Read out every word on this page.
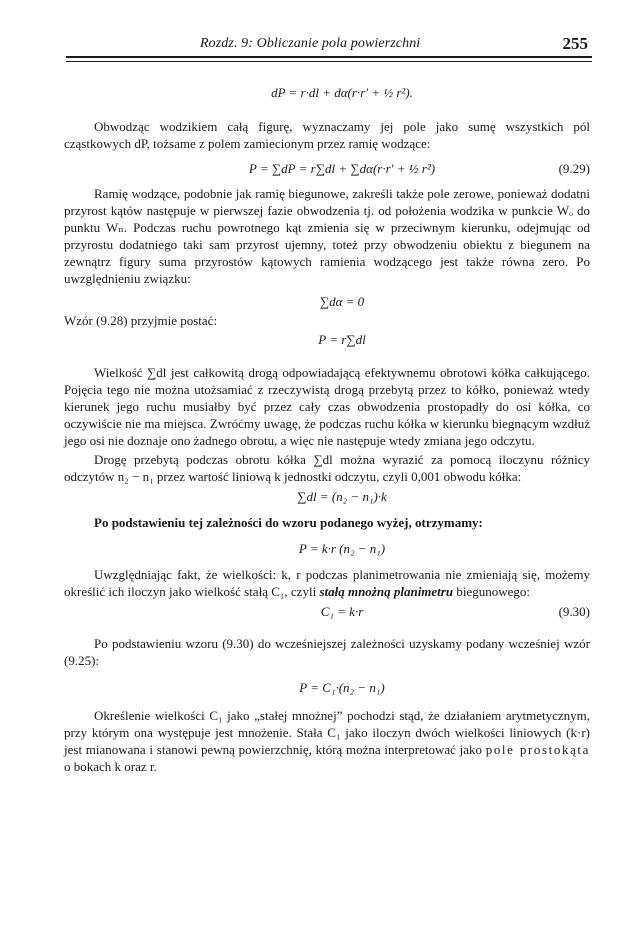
Rozdz. 9: Obliczanie pola powierzchni	255

dP = r·dl + dα(r·r′ + ½ r²).

Obwodząc wodzikiem całą figurę, wyznaczamy jej pole jako sumę wszystkich pól cząstkowych dP, tożsame z polem zamiecionym przez ramię wodzące:

P = ∑dP = r∑dl + ∑dα(r·r′ + ½ r²)	(9.29)

Ramię wodzące, podobnie jak ramię biegunowe, zakreśli także pole zerowe, ponieważ dodatni przyrost kątów następuje w pierwszej fazie obwodzenia tj. od położenia wodzika w punkcie Wₒ do punktu Wₙ. Podczas ruchu powrotnego kąt zmienia się w przeciwnym kierunku, odejmując od przyrostu dodatniego taki sam przyrost ujemny, toteż przy obwodzeniu obiektu z biegunem na zewnątrz figury suma przyrostów kątowych ramienia wodzącego jest także równa zero. Po uwzględnieniu związku:

∑dα = 0

Wzór (9.28) przyjmie postać:

P = r∑dl

Wielkość ∑dl jest całkowitą drogą odpowiadającą efektywnemu obrotowi kółka całkującego. Pojęcia tego nie można utożsamiać z rzeczywistą drogą przebytą przez to kółko, ponieważ wtedy kierunek jego ruchu musiałby być przez cały czas obwodzenia prostopadły do osi kółka, co oczywiście nie ma miejsca. Zwróćmy uwagę, że podczas ruchu kółka w kierunku biegnącym wzdłuż jego osi nie doznaje ono żadnego obrotu, a więc nie następuje wtedy zmiana jego odczytu.

Drogę przebytą podczas obrotu kółka ∑dl można wyrazić za pomocą iloczynu różnicy odczytów n₂ − n₁ przez wartość liniową k jednostki odczytu, czyli 0,001 obwodu kółka:

∑dl = (n₂ − n₁)·k

Po podstawieniu tej zależności do wzoru podanego wyżej, otrzymamy:

P = k·r (n₂ − n₁)

Uwzględniając fakt, że wielkości: k, r podczas planimetrowania nie zmieniają się, możemy określić ich iloczyn jako wielkość stałą C₁, czyli stałą mnożną planimetru biegunowego:

C₁ = k·r	(9.30)

Po podstawieniu wzoru (9.30) do wcześniejszej zależności uzyskamy podany wcześniej wzór (9.25):

P = C₁·(n₂ − n₁)

Określenie wielkości C₁ jako „stałej mnożnej” pochodzi stąd, że działaniem arytmetycznym, przy którym ona występuje jest mnożenie. Stała C₁ jako iloczyn dwóch wielkości liniowych (k·r) jest mianowana i stanowi pewną powierzchnię, którą można interpretować jako pole prostokąta o bokach k oraz r.
